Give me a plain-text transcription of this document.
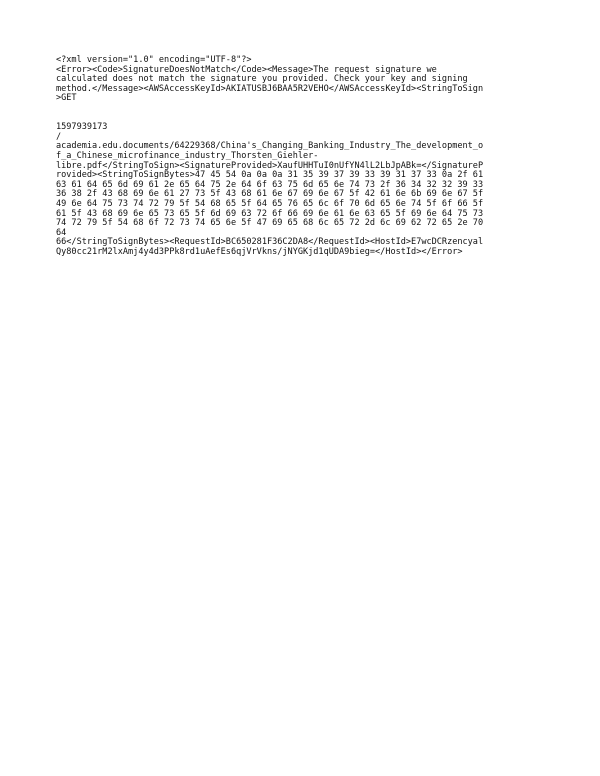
<?xml version="1.0" encoding="UTF-8"?>
<Error><Code>SignatureDoesNotMatch</Code><Message>The request signature we
calculated does not match the signature you provided. Check your key and signing
method.</Message><AWSAccessKeyId>AKIATUSBJ6BAA5R2VEHO</AWSAccessKeyId><StringToSign
>GET
1597939173
/
academia.edu.documents/64229368/China's_Changing_Banking_Industry_The_development_o
f_a_Chinese_microfinance_industry_Thorsten_Giehler-
libre.pdf</StringToSign><SignatureProvided>XaufUHHTuI0nUfYN4lL2LbJpABk=</SignatureP
rovided><StringToSignBytes>47 45 54 0a 0a 0a 31 35 39 37 39 33 39 31 37 33 0a 2f 61
63 61 64 65 6d 69 61 2e 65 64 75 2e 64 6f 63 75 6d 65 6e 74 73 2f 36 34 32 32 39 33
36 38 2f 43 68 69 6e 61 27 73 5f 43 68 61 6e 67 69 6e 67 5f 42 61 6e 6b 69 6e 67 5f
49 6e 64 75 73 74 72 79 5f 54 68 65 5f 64 65 76 65 6c 6f 70 6d 65 6e 74 5f 6f 66 5f
61 5f 43 68 69 6e 65 73 65 5f 6d 69 63 72 6f 66 69 6e 61 6e 63 65 5f 69 6e 64 75 73
74 72 79 5f 54 68 6f 72 73 74 65 6e 5f 47 69 65 68 6c 65 72 2d 6c 69 62 72 65 2e 70
64
66</StringToSignBytes><RequestId>BC650281F36C2DA8</RequestId><HostId>E7wcDCRzencyal
Qy80cc21rM2lxAmj4y4d3PPk8rd1uAefEs6qjVrVkns/jNYGKjd1qUDA9bieg=</HostId></Error>
